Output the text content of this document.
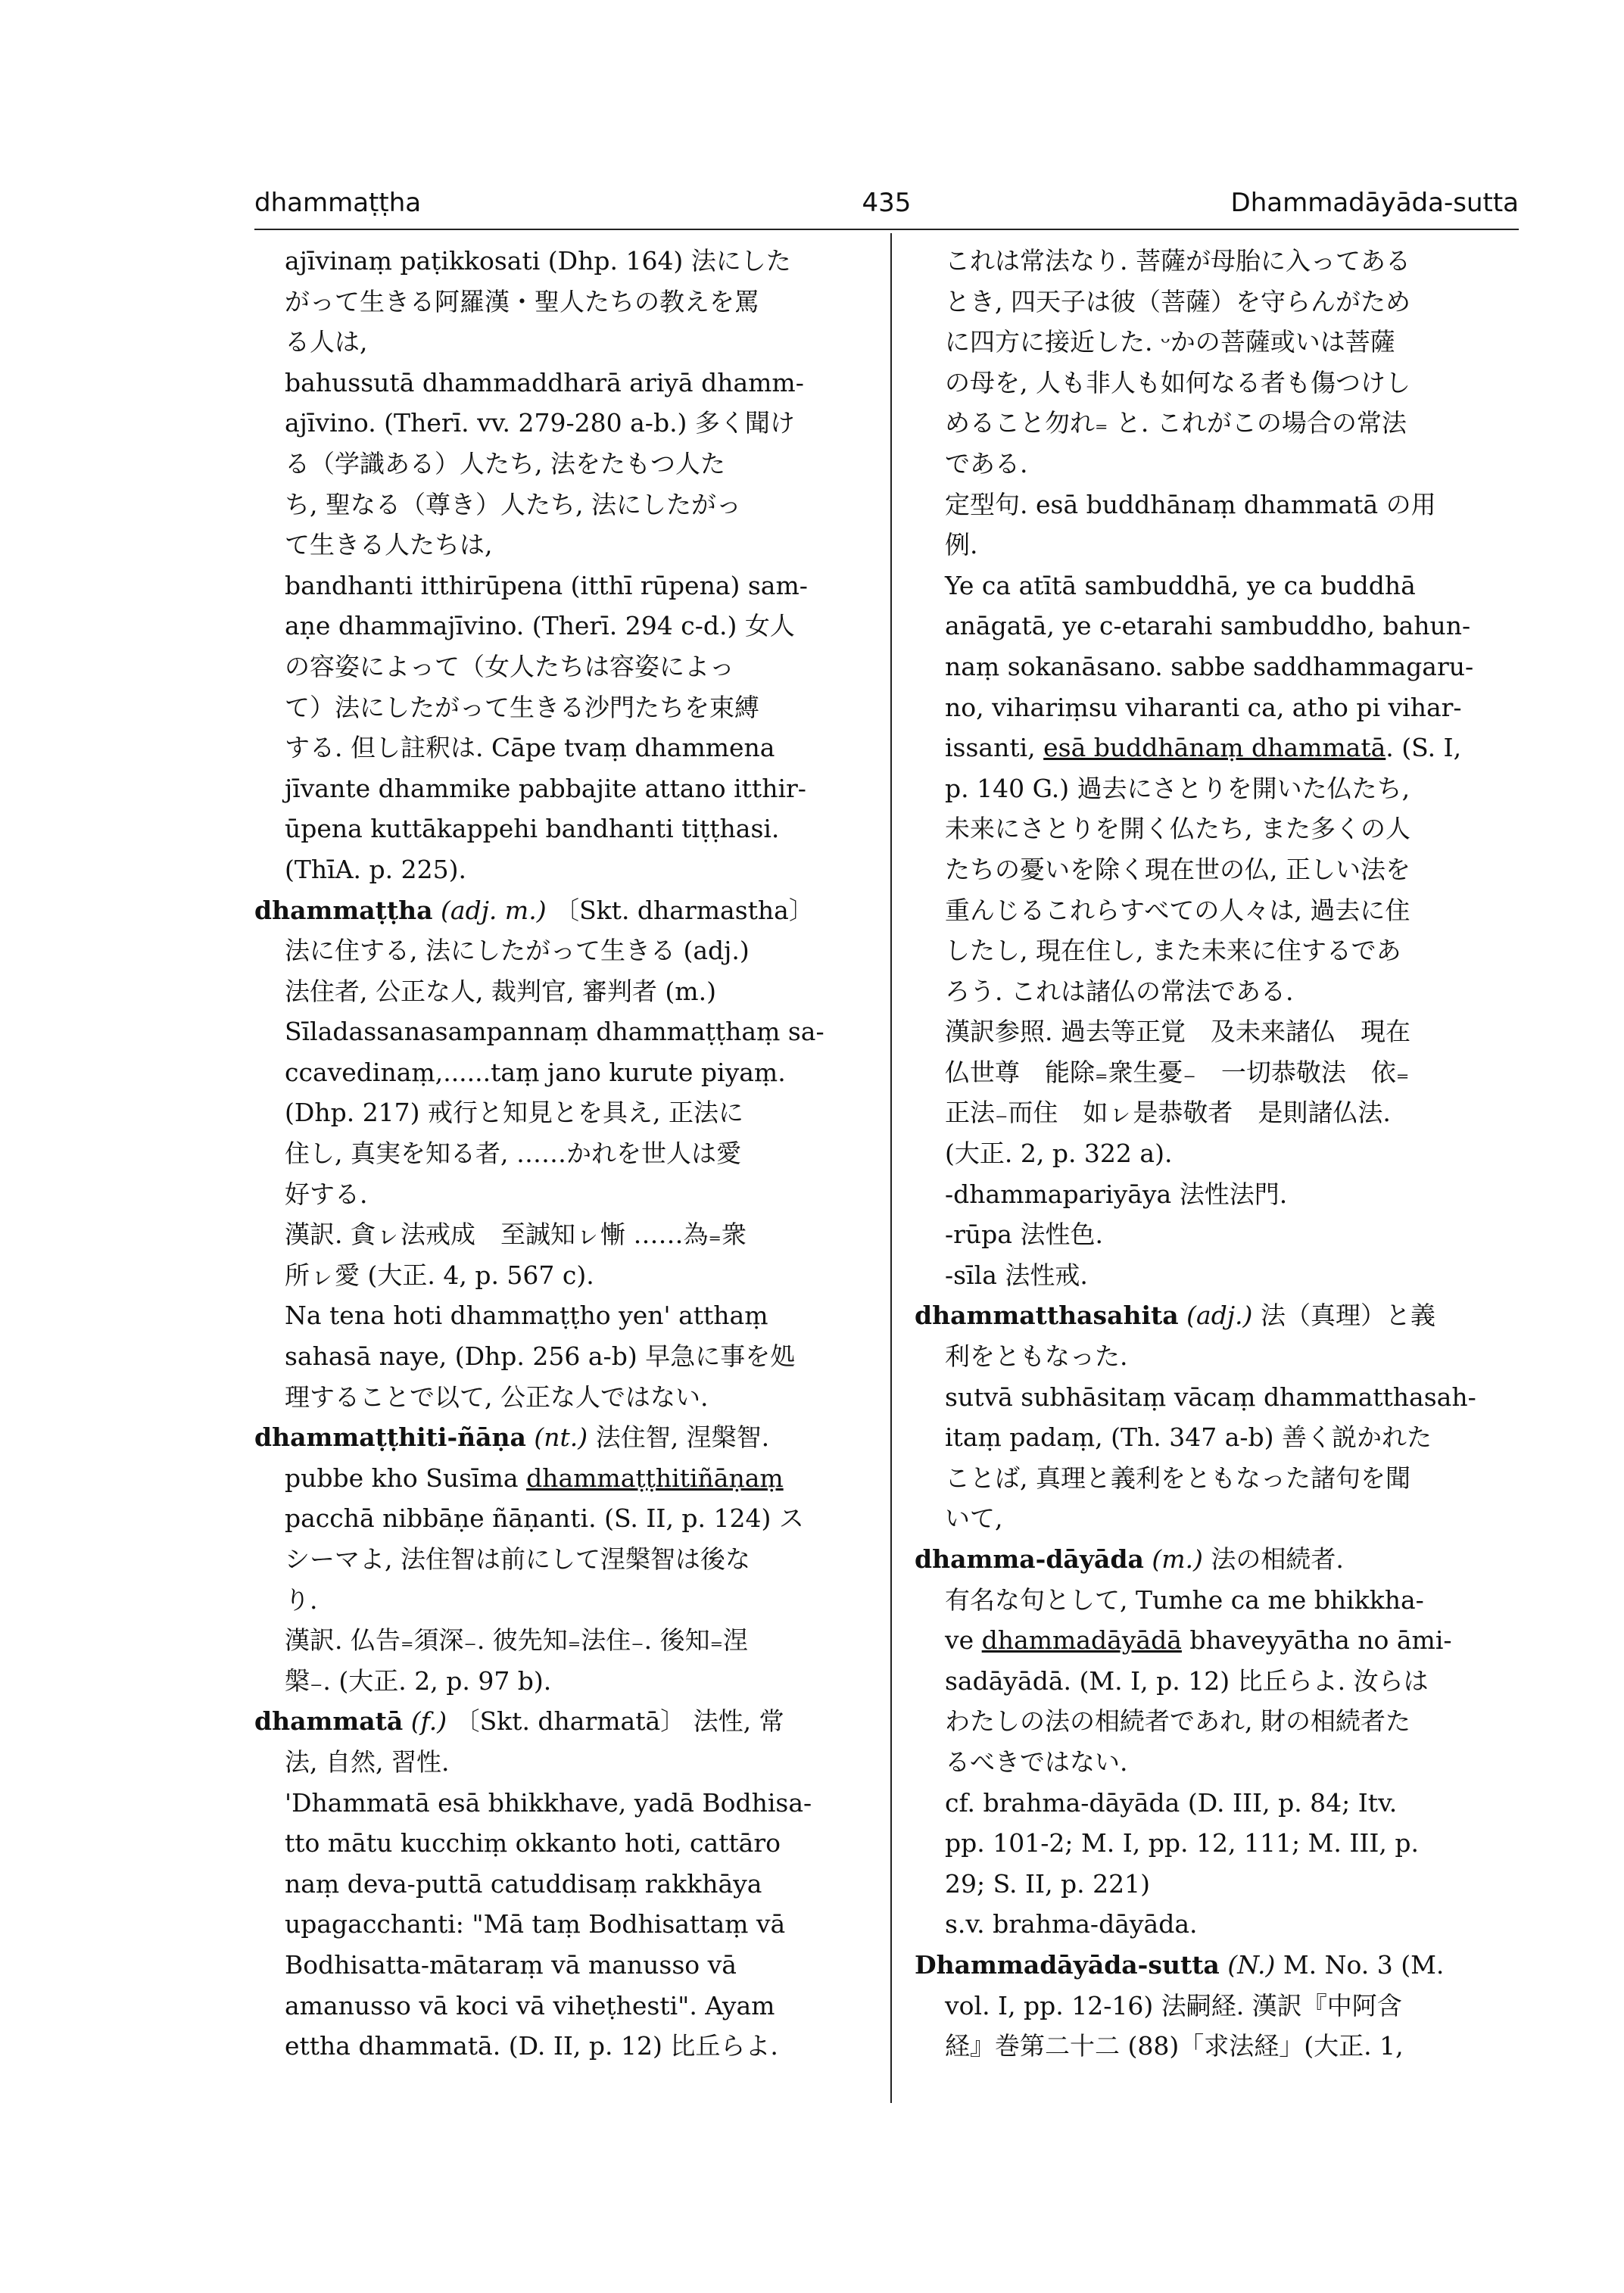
dhammaṭṭha	435	Dhammadāyāda-sutta
ajīvinaṃ paṭikkosati (Dhp. 164) 法にした
がって生きる阿羅漢・聖人たちの教えを罵
る人は,
bahussutā dhammaddharā ariyā dhamm-
ajīvino. (Therī. vv. 279-280 a-b.) 多く聞け
る（学識ある）人たち, 法をたもつ人た
ち, 聖なる（尊き）人たち, 法にしたがっ
て生きる人たちは,
bandhanti itthirūpena (itthī rūpena) sam-
aṇe dhammajīvino. (Therī. 294 c-d.) 女人
の容姿によって（女人たちは容姿によっ
て）法にしたがって生きる沙門たちを束縛
する. 但し註釈は. Cāpe tvaṃ dhammena
jīvante dhammike pabbajite attano itthir-
ūpena kuttākappehi bandhanti tiṭṭhasi.
(ThīA. p. 225).
dhammaṭṭha (adj. m.) 〔Skt. dharmastha〕
法に住する, 法にしたがって生きる (adj.)
法住者, 公正な人, 裁判官, 審判者 (m.)
Sīladassanasampannaṃ dhammaṭṭhaṃ sa-
ccavedinaṃ,......taṃ jano kurute piyaṃ.
(Dhp. 217) 戒行と知見とを具え, 正法に
住し, 真実を知る者, ……かれを世人は愛
好する.
漢訳. 貪ㇾ法戒成　至誠知ㇾ慚 ……為₌衆
所ㇾ愛 (大正. 4, p. 567 c).
Na tena hoti dhammaṭṭho yen' atthaṃ
sahasā naye, (Dhp. 256 a-b) 早急に事を処
理することで以て, 公正な人ではない.
dhammaṭṭhiti-ñāṇa (nt.) 法住智, 涅槃智.
pubbe kho Susīma dhammaṭṭhitiñāṇaṃ
pacchā nibbāṇe ñāṇanti. (S. II, p. 124) ス
シーマよ, 法住智は前にして涅槃智は後な
り.
漢訳. 仏告₌須深₋. 彼先知₌法住₋. 後知₌涅
槃₋. (大正. 2, p. 97 b).
dhammatā (f.) 〔Skt. dharmatā〕 法性, 常
法, 自然, 習性.
'Dhammatā esā bhikkhave, yadā Bodhisa-
tto mātu kucchiṃ okkanto hoti, cattāro
naṃ deva-puttā catuddisaṃ rakkhāya
upagacchanti: "Mā taṃ Bodhisattaṃ vā
Bodhisatta-mātaraṃ vā manusso vā
amanusso vā koci vā viheṭhesti". Ayam
ettha dhammatā. (D. II, p. 12) 比丘らよ.
これは常法なり. 菩薩が母胎に入ってある
とき, 四天子は彼（菩薩）を守らんがため
に四方に接近した. ᵕかの菩薩或いは菩薩
の母を, 人も非人も如何なる者も傷つけし
めること勿れ₌ と. これがこの場合の常法
である.
定型句. esā buddhānaṃ dhammatā の用
例.
Ye ca atītā sambuddhā, ye ca buddhā
anāgatā, ye c-etarahi sambuddho, bahun-
naṃ sokanāsano. sabbe saddhammagaru-
no, vihariṃsu viharanti ca, atho pi vihar-
issanti, esā buddhānaṃ dhammatā. (S. I,
p. 140 G.) 過去にさとりを開いた仏たち,
未来にさとりを開く仏たち, また多くの人
たちの憂いを除く現在世の仏, 正しい法を
重んじるこれらすべての人々は, 過去に住
したし, 現在住し, また未来に住するであ
ろう. これは諸仏の常法である.
漢訳参照. 過去等正覚　及未来諸仏　現在
仏世尊　能除₌衆生憂₋　一切恭敬法　依₌
正法₋而住　如ㇾ是恭敬者　是則諸仏法.
(大正. 2, p. 322 a).
-dhammapariyāya 法性法門.
-rūpa 法性色.
-sīla 法性戒.
dhammatthasahita (adj.) 法（真理）と義
利をともなった.
sutvā subhāsitaṃ vācaṃ dhammatthasah-
itaṃ padaṃ, (Th. 347 a-b) 善く説かれた
ことば, 真理と義利をともなった諸句を聞
いて,
dhamma-dāyāda (m.) 法の相続者.
有名な句として, Tumhe ca me bhikkha-
ve dhammadāyādā bhaveyyātha no āmi-
sadāyādā. (M. I, p. 12) 比丘らよ. 汝らは
わたしの法の相続者であれ, 財の相続者た
るべきではない.
cf. brahma-dāyāda (D. III, p. 84; Itv.
pp. 101-2; M. I, pp. 12, 111; M. III, p.
29; S. II, p. 221)
s.v. brahma-dāyāda.
Dhammadāyāda-sutta (N.) M. No. 3 (M.
vol. I, pp. 12-16) 法嗣経. 漢訳『中阿含
経』巻第二十二 (88)「求法経」(大正. 1,
